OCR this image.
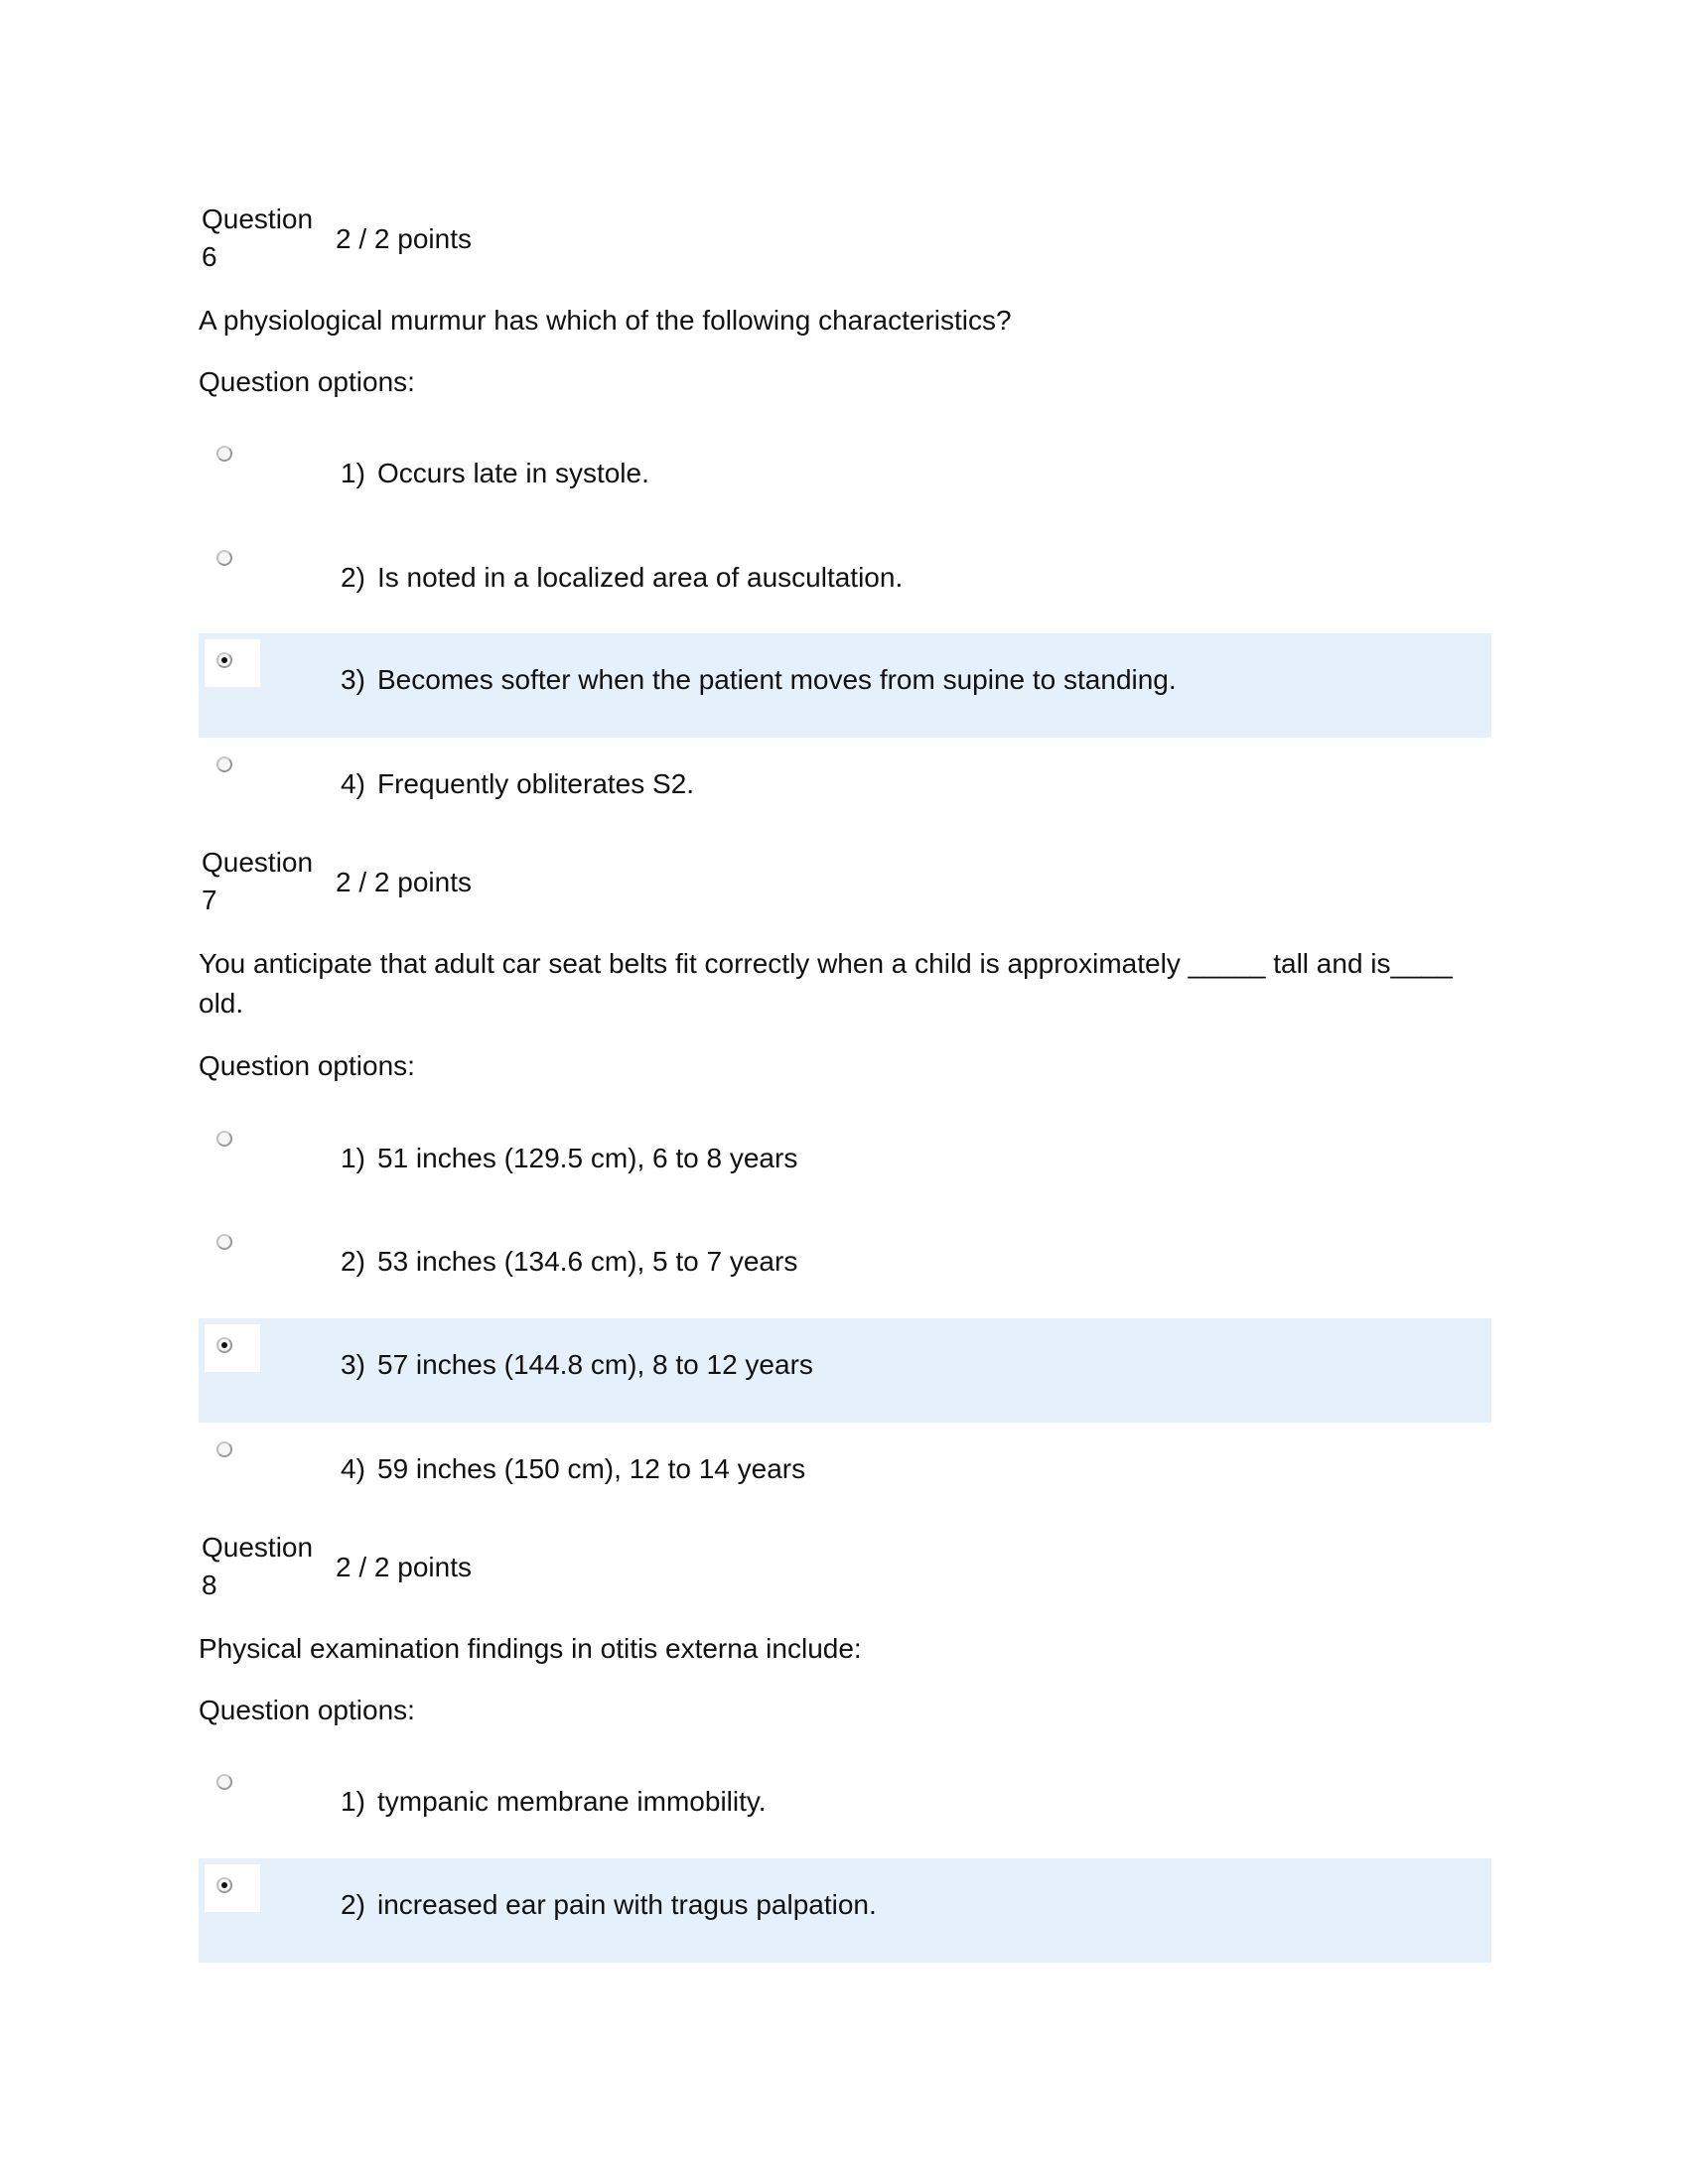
Question
6
2 / 2 points
A physiological murmur has which of the following characteristics?
Question options:
1) Occurs late in systole.
2) Is noted in a localized area of auscultation.
3) Becomes softer when the patient moves from supine to standing.
4) Frequently obliterates S2.
Question
7
2 / 2 points
You anticipate that adult car seat belts fit correctly when a child is approximately _____ tall and is____ old.
Question options:
1) 51 inches (129.5 cm), 6 to 8 years
2) 53 inches (134.6 cm), 5 to 7 years
3) 57 inches (144.8 cm), 8 to 12 years
4) 59 inches (150 cm), 12 to 14 years
Question
8
2 / 2 points
Physical examination findings in otitis externa include:
Question options:
1) tympanic membrane immobility.
2) increased ear pain with tragus palpation.
